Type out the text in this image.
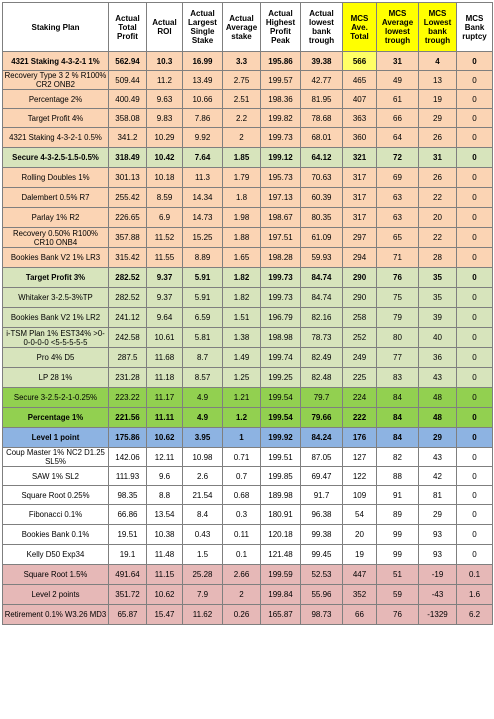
Staking Plan	Actual Total Profit	Actual ROI	Actual Largest Single Stake	Actual Average stake	Actual Highest Profit Peak	Actual lowest bank trough	MCS Ave. Total	MCS Average lowest trough	MCS Lowest bank trough	MCS Bank ruptcy
4321 Staking 4-3-2-1 1%	562.94	10.3	16.99	3.3	195.86	39.38	566	31	4	0
Recovery Type 3 2 % R100% CR2 ONB2	509.44	11.2	13.49	2.75	199.57	42.77	465	49	13	0
Percentage 2%	400.49	9.63	10.66	2.51	198.36	81.95	407	61	19	0
Target Profit 4%	358.08	9.83	7.86	2.2	199.82	78.68	363	66	29	0
4321 Staking 4-3-2-1 0.5%	341.2	10.29	9.92	2	199.73	68.01	360	64	26	0
Secure 4-3-2.5-1.5-0.5%	318.49	10.42	7.64	1.85	199.12	64.12	321	72	31	0
Rolling Doubles 1%	301.13	10.18	11.3	1.79	195.73	70.63	317	69	26	0
Dalembert 0.5% R7	255.42	8.59	14.34	1.8	197.13	60.39	317	63	22	0
Parlay 1% R2	226.65	6.9	14.73	1.98	198.67	80.35	317	63	20	0
Recovery 0.50% R100% CR10 ONB4	357.88	11.52	15.25	1.88	197.51	61.09	297	65	22	0
Bookies Bank V2 1% LR3	315.42	11.55	8.89	1.65	198.28	59.93	294	71	28	0
Target Profit 3%	282.52	9.37	5.91	1.82	199.73	84.74	290	76	35	0
Whitaker 3-2.5-3%TP	282.52	9.37	5.91	1.82	199.73	84.74	290	75	35	0
Bookies Bank V2 1% LR2	241.12	9.64	6.59	1.51	196.79	82.16	258	79	39	0
i-TSM Plan 1% EST34% >0-0-0-0-0 <5-5-5-5-5	242.58	10.61	5.81	1.38	198.98	78.73	252	80	40	0
Pro 4% D5	287.5	11.68	8.7	1.49	199.74	82.49	249	77	36	0
LP 28 1%	231.28	11.18	8.57	1.25	199.25	82.48	225	83	43	0
Secure 3-2.5-2-1-0.25%	223.22	11.17	4.9	1.21	199.54	79.7	224	84	48	0
Percentage 1%	221.56	11.11	4.9	1.2	199.54	79.66	222	84	48	0
Level 1 point	175.86	10.62	3.95	1	199.92	84.24	176	84	29	0
Coup Master 1% NC2 D1.25 SL5%	142.06	12.11	10.98	0.71	199.51	87.05	127	82	43	0
SAW 1% SL2	111.93	9.6	2.6	0.7	199.85	69.47	122	88	42	0
Square Root 0.25%	98.35	8.8	21.54	0.68	189.98	91.7	109	91	81	0
Fibonacci 0.1%	66.86	13.54	8.4	0.3	180.91	96.38	54	89	29	0
Bookies Bank 0.1%	19.51	10.38	0.43	0.11	120.18	99.38	20	99	93	0
Kelly D50 Exp34	19.1	11.48	1.5	0.1	121.48	99.45	19	99	93	0
Square Root 1.5%	491.64	11.15	25.28	2.66	199.59	52.53	447	51	-19	0.1
Level 2 points	351.72	10.62	7.9	2	199.84	55.96	352	59	-43	1.6
Retirement 0.1% W3.26 MD3	65.87	15.47	11.62	0.26	165.87	98.73	66	76	-1329	6.2
